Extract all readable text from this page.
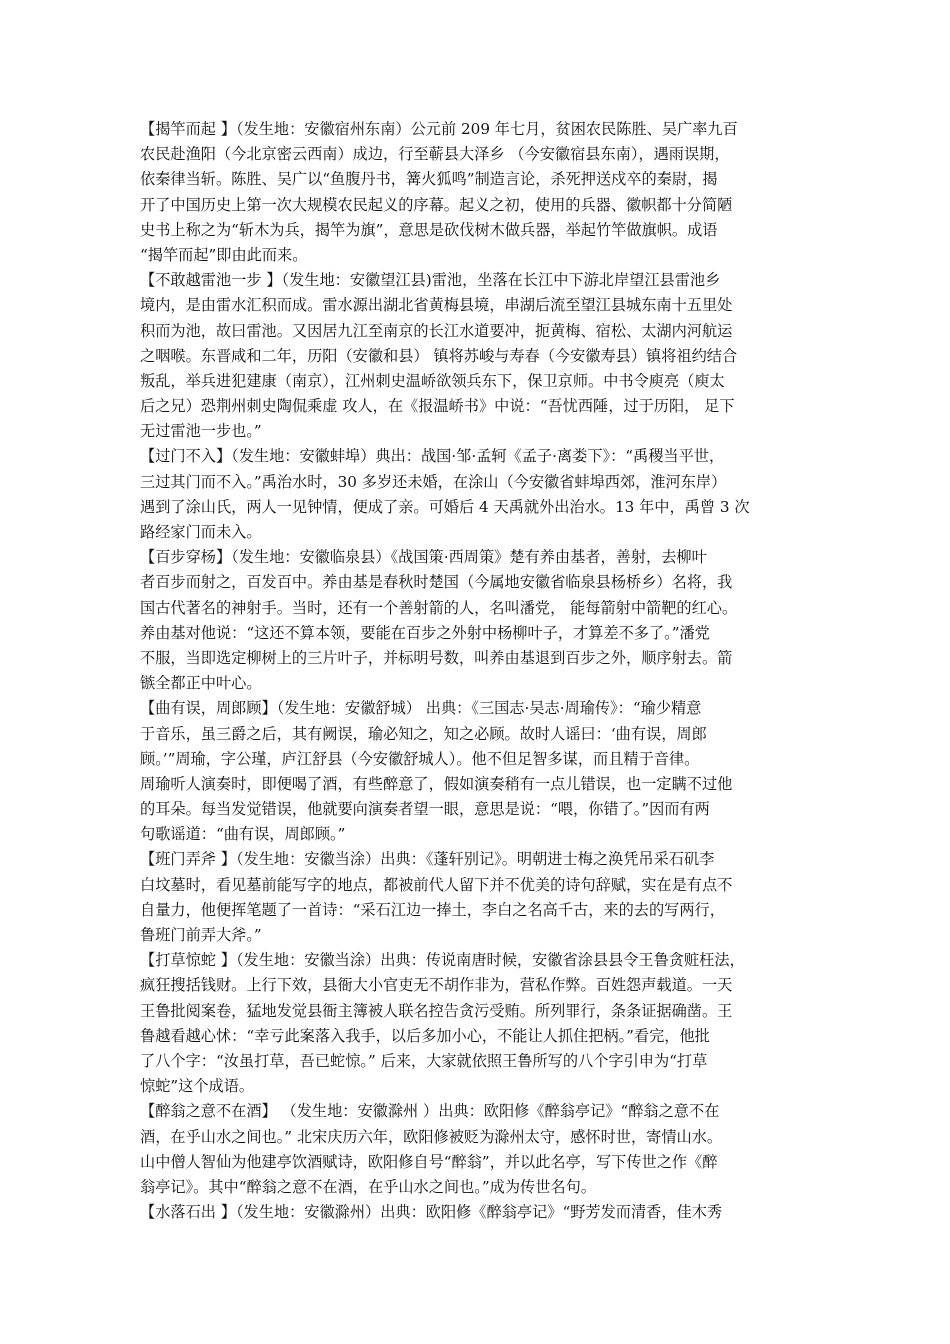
【揭竿而起 】（发生地：安徽宿州东南）公元前 209 年七月，贫困农民陈胜、吴广率九百
农民赴渔阳（今北京密云西南）成边，行至蕲县大泽乡 （今安徽宿县东南），遇雨误期，
依秦律当斩。陈胜、吴广以“鱼腹丹书，篝火狐鸣”制造言论，杀死押送戍卒的秦尉，揭
开了中国历史上第一次大规模农民起义的序幕。起义之初，使用的兵器、徽帜都十分简陋
史书上称之为“斩木为兵，揭竿为旗”，意思是砍伐树木做兵器，举起竹竿做旗帜。成语
“揭竿而起”即由此而来。
【不敢越雷池一步 】（发生地：安徽望江县)雷池，坐落在长江中下游北岸望江县雷池乡
境内，是由雷水汇积而成。雷水源出湖北省黄梅县境，串湖后流至望江县城东南十五里处
积而为池，故曰雷池。又因居九江至南京的长江水道要冲，扼黄梅、宿松、太湖内河航运
之咽喉。东晋咸和二年，历阳（安徽和县） 镇将苏峻与寿春（今安徽寿县）镇将祖约结合
叛乱，举兵进犯建康（南京），江州刺史温峤欲领兵东下，保卫京师。中书令庾亮（庾太
后之兄）恐荆州刺史陶侃乘虚 攻人，在《报温峤书》中说：“吾忧西陲，过于历阳， 足下
无过雷池一步也。”
【过门不入】（发生地：安徽蚌埠）典出：战国·邹·孟轲《孟子·离娄下》：“禹稷当平世，
三过其门而不入。”禹治水时，30 多岁还未婚，在涂山（今安徽省蚌埠西郊，淮河东岸）
遇到了涂山氏，两人一见钟情，便成了亲。可婚后 4 天禹就外出治水。13 年中，禹曾 3 次
路经家门而未入。
【百步穿杨】（发生地：安徽临泉县）《战国策·西周策》楚有养由基者，善射，去柳叶
者百步而射之，百发百中。养由基是春秋时楚国（今属地安徽省临泉县杨桥乡）名将，我
国古代著名的神射手。当时，还有一个善射箭的人，名叫潘党， 能每箭射中箭靶的红心。
养由基对他说：“这还不算本领，要能在百步之外射中杨柳叶子，才算差不多了。”潘党
不服，当即选定柳树上的三片叶子，并标明号数，叫养由基退到百步之外，顺序射去。箭
镞全都正中叶心。
【曲有误，周郎顾】（发生地：安徽舒城） 出典：《三国志·吴志·周瑜传》：“瑜少精意
于音乐，虽三爵之后，其有阙误，瑜必知之，知之必顾。故时人谣曰：‘曲有误，周郎
顾。’”周瑜，字公瑾，庐江舒县（今安徽舒城人）。他不但足智多谋，而且精于音律。
周瑜听人演奏时，即便喝了酒，有些醉意了，假如演奏稍有一点儿错误，也一定瞒不过他
的耳朵。每当发觉错误，他就要向演奏者望一眼，意思是说：“喂，你错了。”因而有两
句歌谣道：“曲有误，周郎顾。”
【班门弄斧 】（发生地：安徽当涂）出典：《蓬轩别记》。明朝进士梅之涣凭吊采石矶李
白坟墓时，看见墓前能写字的地点，都被前代人留下并不优美的诗句辞赋，实在是有点不
自量力，他便挥笔题了一首诗：“采石江边一捧土，李白之名高千古，来的去的写两行，
鲁班门前弄大斧。”
【打草惊蛇 】（发生地：安徽当涂）出典：传说南唐时候，安徽省涂县县令王鲁贪赃枉法，
疯狂搜括钱财。上行下效，县衙大小官吏无不胡作非为，营私作弊。百姓怨声载道。一天
王鲁批阅案卷，猛地发觉县衙主簿被人联名控告贪污受贿。所列罪行，条条证据确凿。王
鲁越看越心怵：“幸亏此案落入我手，以后多加小心，不能让人抓住把柄。”看完，他批
了八个字：“汝虽打草，吾已蛇惊。” 后来，大家就依照王鲁所写的八个字引申为“打草
惊蛇”这个成语。
【醉翁之意不在酒】 （发生地：安徽滁州 ）出典：欧阳修《醉翁亭记》“醉翁之意不在
酒，在乎山水之间也。” 北宋庆历六年，欧阳修被贬为滁州太守，感怀时世，寄情山水。
山中僧人智仙为他建亭饮酒赋诗，欧阳修自号“醉翁”，并以此名亭，写下传世之作《醉
翁亭记》。其中“醉翁之意不在酒，在乎山水之间也。”成为传世名句。
【水落石出 】（发生地：安徽滁州）出典：欧阳修《醉翁亭记》“野芳发而清香，佳木秀
